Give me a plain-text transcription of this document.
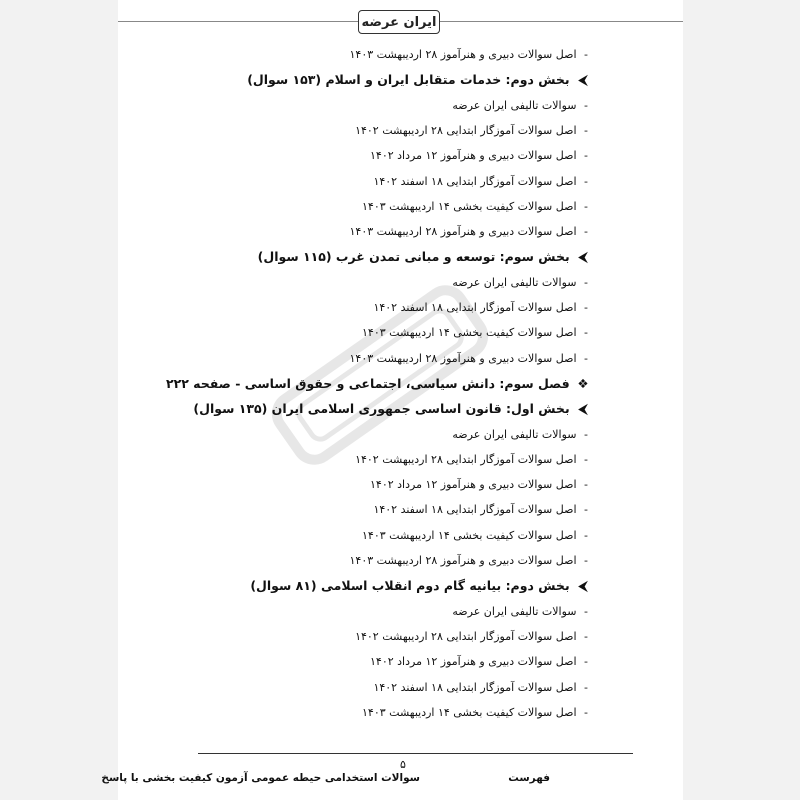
ایران عرضه
- اصل سوالات دبیری و هنرآموز ۲۸ اردیبهشت ۱۴۰۳
⮜ بخش دوم: خدمات متقابل ایران و اسلام (۱۵۳ سوال)
- سوالات تالیفی ایران عرضه
- اصل سوالات آموزگار ابتدایی ۲۸ اردیبهشت ۱۴۰۲
- اصل سوالات دبیری و هنرآموز ۱۲ مرداد ۱۴۰۲
- اصل سوالات آموزگار ابتدایی ۱۸ اسفند ۱۴۰۲
- اصل سوالات کیفیت بخشی ۱۴ اردیبهشت ۱۴۰۳
- اصل سوالات دبیری و هنرآموز ۲۸ اردیبهشت ۱۴۰۳
⮜ بخش سوم: توسعه و مبانی تمدن غرب (۱۱۵ سوال)
- سوالات تالیفی ایران عرضه
- اصل سوالات آموزگار ابتدایی ۱۸ اسفند ۱۴۰۲
- اصل سوالات کیفیت بخشی ۱۴ اردیبهشت ۱۴۰۳
- اصل سوالات دبیری و هنرآموز ۲۸ اردیبهشت ۱۴۰۳
❖ فصل سوم: دانش سیاسی، اجتماعی و حقوق اساسی - صفحه ۲۲۲
⮜ بخش اول: قانون اساسی جمهوری اسلامی ایران (۱۳۵ سوال)
- سوالات تالیفی ایران عرضه
- اصل سوالات آموزگار ابتدایی ۲۸ اردیبهشت ۱۴۰۲
- اصل سوالات دبیری و هنرآموز ۱۲ مرداد ۱۴۰۲
- اصل سوالات آموزگار ابتدایی ۱۸ اسفند ۱۴۰۲
- اصل سوالات کیفیت بخشی ۱۴ اردیبهشت ۱۴۰۳
- اصل سوالات دبیری و هنرآموز ۲۸ اردیبهشت ۱۴۰۳
⮜ بخش دوم: بیانیه گام دوم انقلاب اسلامی (۸۱ سوال)
- سوالات تالیفی ایران عرضه
- اصل سوالات آموزگار ابتدایی ۲۸ اردیبهشت ۱۴۰۲
- اصل سوالات دبیری و هنرآموز ۱۲ مرداد ۱۴۰۲
- اصل سوالات آموزگار ابتدایی ۱۸ اسفند ۱۴۰۲
- اصل سوالات کیفیت بخشی ۱۴ اردیبهشت ۱۴۰۳
۵
سوالات استخدامی حیطه عمومی آزمون کیفیت بخشی با پاسخ	فهرست
